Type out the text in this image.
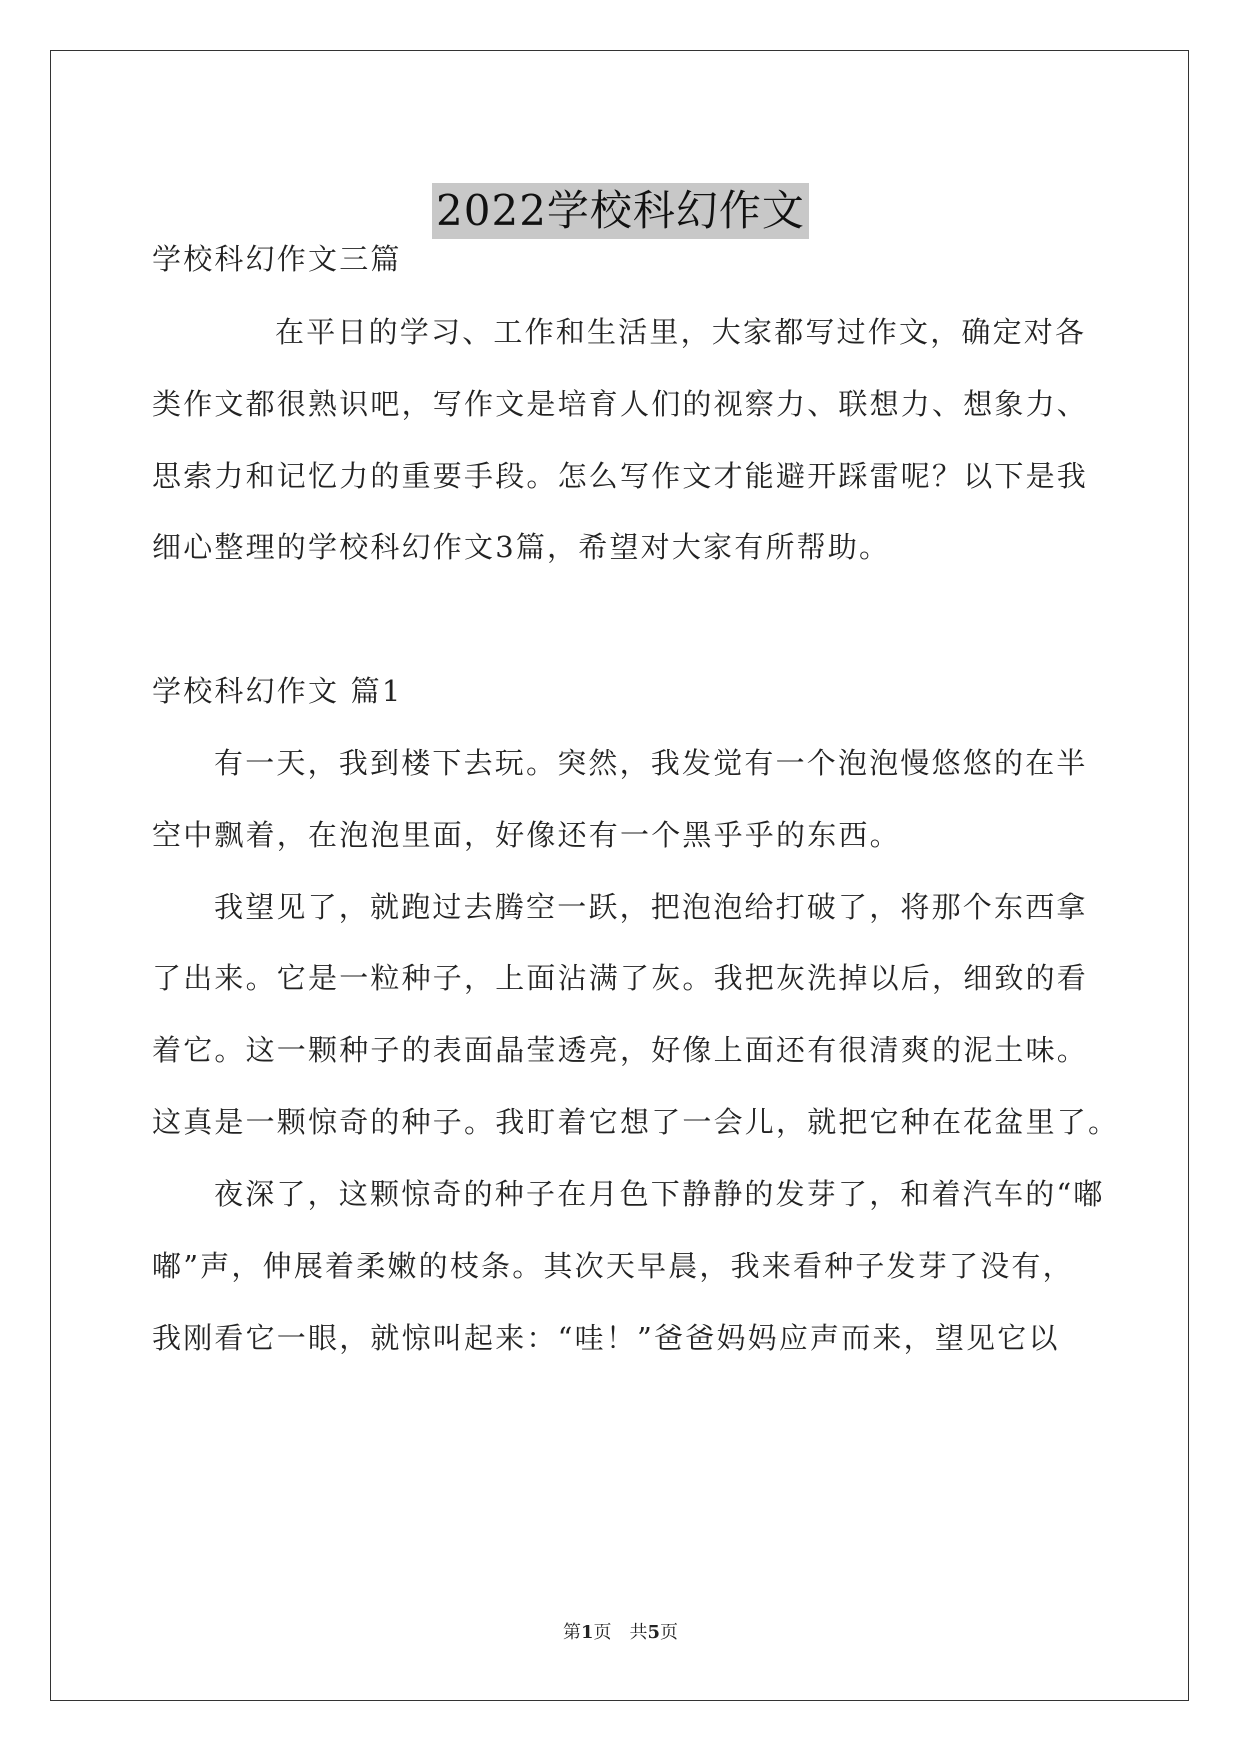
2022学校科幻作文
学校科幻作文三篇
在平日的学习、工作和生活里，大家都写过作文，确定对各
类作文都很熟识吧，写作文是培育人们的视察力、联想力、想象力、
思索力和记忆力的重要手段。怎么写作文才能避开踩雷呢？以下是我
细心整理的学校科幻作文3篇，希望对大家有所帮助。
学校科幻作文 篇1
有一天，我到楼下去玩。突然，我发觉有一个泡泡慢悠悠的在半
空中飘着，在泡泡里面，好像还有一个黑乎乎的东西。
我望见了，就跑过去腾空一跃，把泡泡给打破了，将那个东西拿
了出来。它是一粒种子，上面沾满了灰。我把灰洗掉以后，细致的看
着它。这一颗种子的表面晶莹透亮，好像上面还有很清爽的泥土味。
这真是一颗惊奇的种子。我盯着它想了一会儿，就把它种在花盆里了。
夜深了，这颗惊奇的种子在月色下静静的发芽了，和着汽车的“嘟
嘟”声，伸展着柔嫩的枝条。其次天早晨，我来看种子发芽了没有，
我刚看它一眼，就惊叫起来：“哇！”爸爸妈妈应声而来，望见它以
第1页　共5页
